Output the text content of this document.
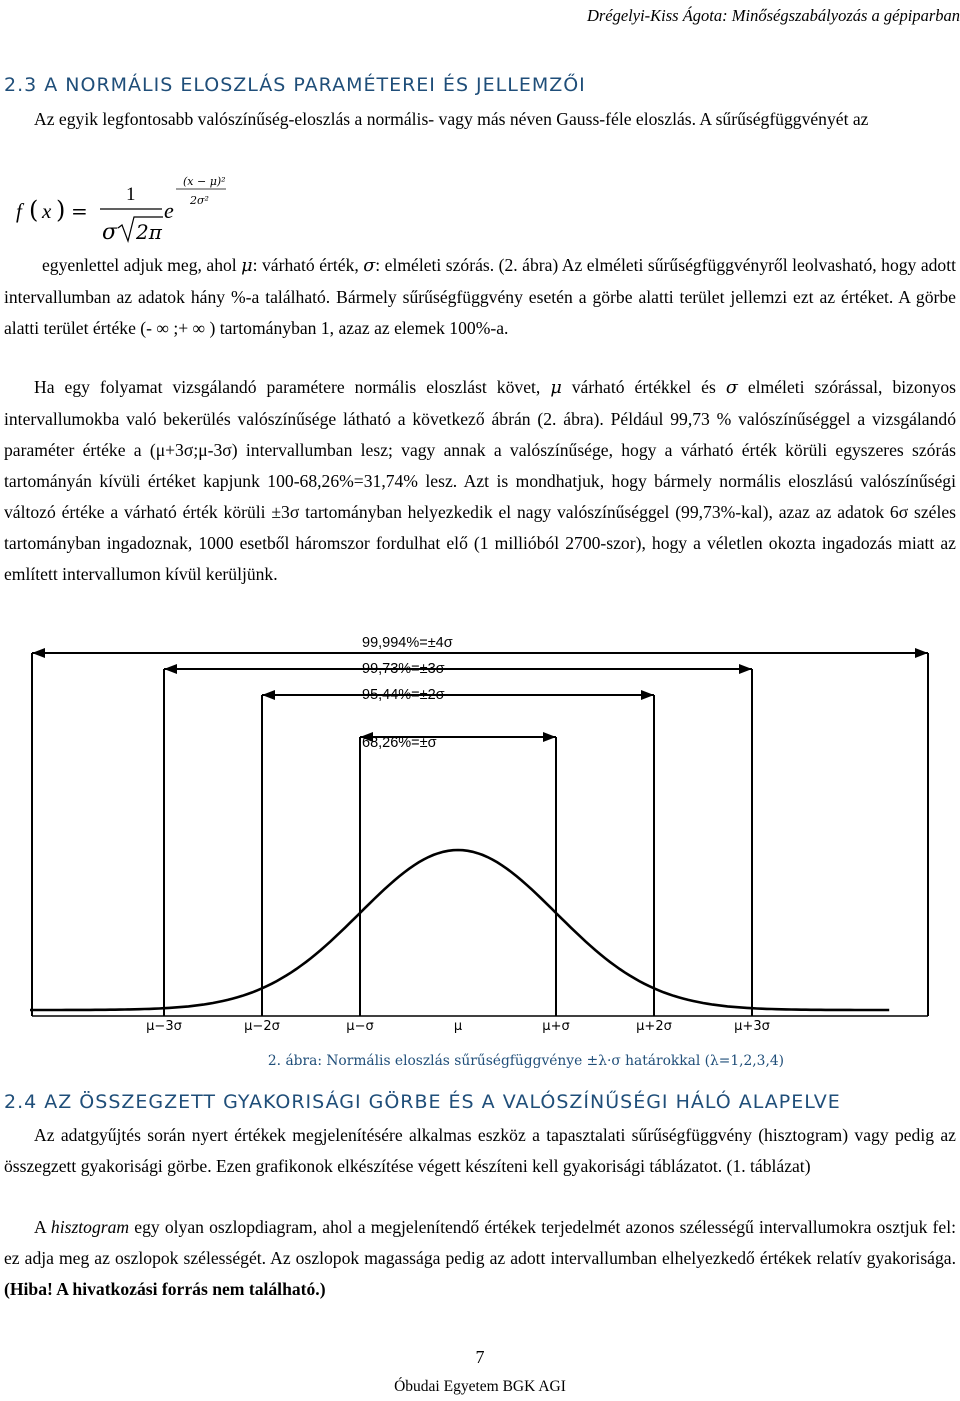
Drégelyi-Kiss Ágota: Minőségszabályozás a gépiparban
2.3 A NORMÁLIS ELOSZLÁS PARAMÉTEREI ÉS JELLEMZŐI

Az egyik legfontosabb valószínűség-eloszlás a normális- vagy más néven Gauss-féle eloszlás. A sűrűségfüggvényét az

f ( x ) =
1
σ 2π
e
(x − μ)²
2σ²

egyenlettel adjuk meg, ahol μ: várható érték, σ: elméleti szórás. (2. ábra) Az elméleti sűrűségfüggvényről leolvasható, hogy adott intervallumban az adatok hány %-a található. Bármely sűrűségfüggvény esetén a görbe alatti terület jellemzi ezt az értéket. A görbe alatti terület értéke (- ∞ ;+ ∞ ) tartományban 1, azaz az elemek 100%-a.

Ha egy folyamat vizsgálandó paramétere normális eloszlást követ, μ várható értékkel és σ elméleti szórással, bizonyos intervallumokba való bekerülés valószínűsége látható a következő ábrán (2. ábra). Például 99,73 % valószínűséggel a vizsgálandó paraméter értéke a (μ+3σ;μ-3σ) intervallumban lesz; vagy annak a valószínűsége, hogy a várható érték körüli egyszeres szórás tartományán kívüli értéket kapjunk 100-68,26%=31,74% lesz. Azt is mondhatjuk, hogy bármely normális eloszlású valószínűségi változó értéke a várható érték körüli ±3σ tartományban helyezkedik el nagy valószínűséggel (99,73%-kal), azaz az adatok 6σ széles tartományban ingadoznak, 1000 esetből háromszor fordulhat elő (1 millióból 2700-szor), hogy a véletlen okozta ingadozás miatt az említett intervallumon kívül kerüljünk.

99,994%=±4σ
99,73%=±3σ
95,44%=±2σ
68,26%=±σ
μ−3σ	μ−2σ	μ−σ	μ	μ+σ	μ+2σ	μ+3σ
2. ábra: Normális eloszlás sűrűségfüggvénye ±λ·σ határokkal (λ=1,2,3,4)
2.4 AZ ÖSSZEGZETT GYAKORISÁGI GÖRBE ÉS A VALÓSZÍNŰSÉGI HÁLÓ ALAPELVE

Az adatgyűjtés során nyert értékek megjelenítésére alkalmas eszköz a tapasztalati sűrűségfüggvény (hisztogram) vagy pedig az összegzett gyakorisági görbe. Ezen grafikonok elkészítése végett készíteni kell gyakorisági táblázatot. (1. táblázat)

A hisztogram egy olyan oszlopdiagram, ahol a megjelenítendő értékek terjedelmét azonos szélességű intervallumokra osztjuk fel: ez adja meg az oszlopok szélességét. Az oszlopok magassága pedig az adott intervallumban elhelyezkedő értékek relatív gyakorisága. (Hiba! A hivatkozási forrás nem található.)

7
Óbudai Egyetem BGK AGI
